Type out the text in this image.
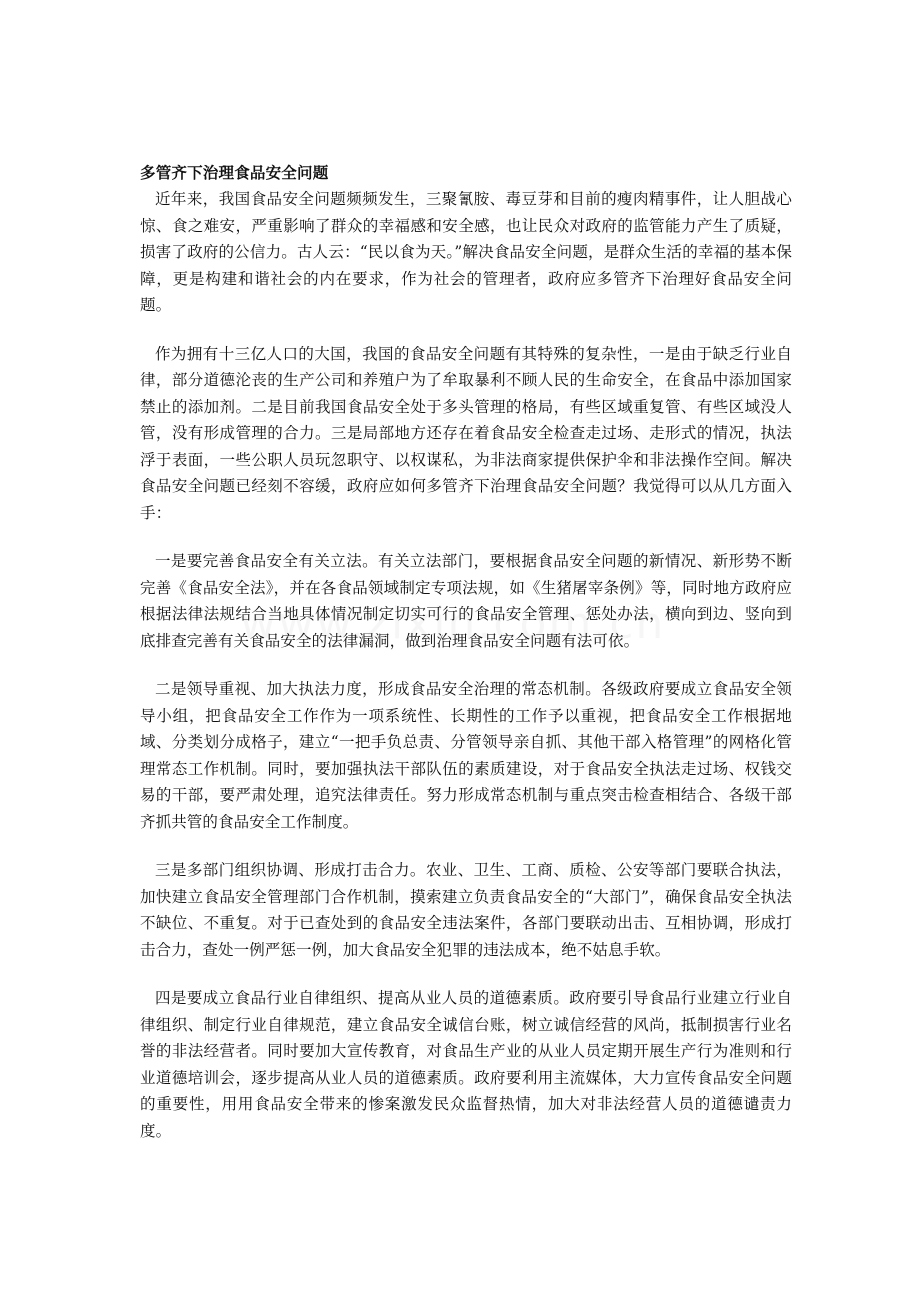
多管齐下治理食品安全问题

近年来，我国食品安全问题频频发生，三聚氰胺、毒豆芽和目前的瘦肉精事件，让人胆战心惊、食之难安，严重影响了群众的幸福感和安全感，也让民众对政府的监管能力产生了质疑，损害了政府的公信力。古人云：“民以食为天。”解决食品安全问题，是群众生活的幸福的基本保障，更是构建和谐社会的内在要求，作为社会的管理者，政府应多管齐下治理好食品安全问题。

作为拥有十三亿人口的大国，我国的食品安全问题有其特殊的复杂性，一是由于缺乏行业自律，部分道德沦丧的生产公司和养殖户为了牟取暴利不顾人民的生命安全，在食品中添加国家禁止的添加剂。二是目前我国食品安全处于多头管理的格局，有些区域重复管、有些区域没人管，没有形成管理的合力。三是局部地方还存在着食品安全检查走过场、走形式的情况，执法浮于表面，一些公职人员玩忽职守、以权谋私，为非法商家提供保护伞和非法操作空间。解决食品安全问题已经刻不容缓，政府应如何多管齐下治理食品安全问题？我觉得可以从几方面入手：

一是要完善食品安全有关立法。有关立法部门，要根据食品安全问题的新情况、新形势不断完善《食品安全法》，并在各食品领域制定专项法规，如《生猪屠宰条例》等，同时地方政府应根据法律法规结合当地具体情况制定切实可行的食品安全管理、惩处办法，横向到边、竖向到底排查完善有关食品安全的法律漏洞，做到治理食品安全问题有法可依。

二是领导重视、加大执法力度，形成食品安全治理的常态机制。各级政府要成立食品安全领导小组，把食品安全工作作为一项系统性、长期性的工作予以重视，把食品安全工作根据地域、分类划分成格子，建立“一把手负总责、分管领导亲自抓、其他干部入格管理”的网格化管理常态工作机制。同时，要加强执法干部队伍的素质建设，对于食品安全执法走过场、权钱交易的干部，要严肃处理，追究法律责任。努力形成常态机制与重点突击检查相结合、各级干部齐抓共管的食品安全工作制度。

三是多部门组织协调、形成打击合力。农业、卫生、工商、质检、公安等部门要联合执法，加快建立食品安全管理部门合作机制，摸索建立负责食品安全的“大部门”，确保食品安全执法不缺位、不重复。对于已查处到的食品安全违法案件，各部门要联动出击、互相协调，形成打击合力，查处一例严惩一例，加大食品安全犯罪的违法成本，绝不姑息手软。

四是要成立食品行业自律组织、提高从业人员的道德素质。政府要引导食品行业建立行业自律组织、制定行业自律规范，建立食品安全诚信台账，树立诚信经营的风尚，抵制损害行业名誉的非法经营者。同时要加大宣传教育，对食品生产业的从业人员定期开展生产行为准则和行业道德培训会，逐步提高从业人员的道德素质。政府要利用主流媒体，大力宣传食品安全问题的重要性，用用食品安全带来的惨案激发民众监督热情，加大对非法经营人员的道德谴责力度。
